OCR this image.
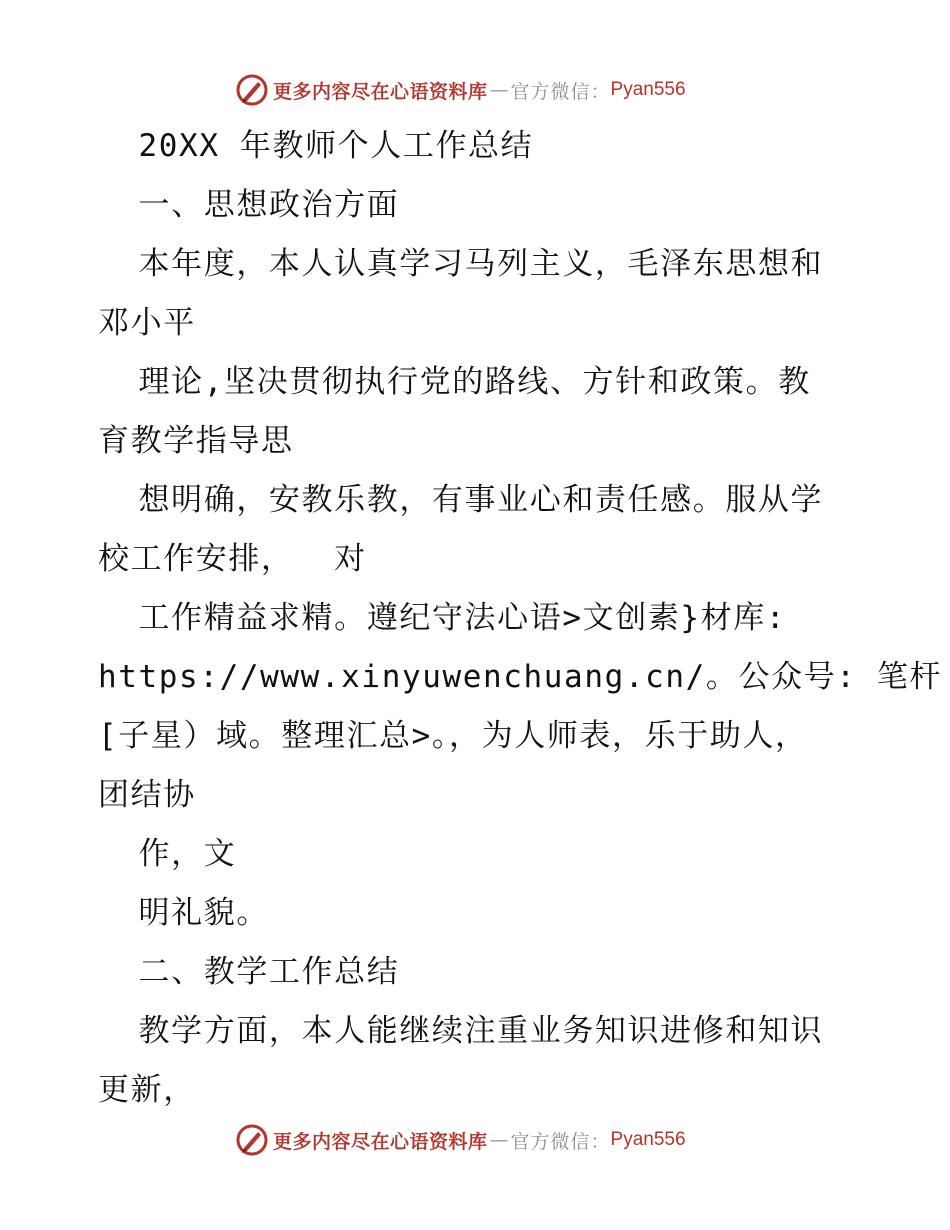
更多内容尽在心语资料库 — 官方微信： Pyan556

20XX 年教师个人工作总结

一、思想政治方面

本年度，本人认真学习马列主义，毛泽东思想和

邓小平

理论,坚决贯彻执行党的路线、方针和政策。教

育教学指导思

想明确，安教乐教，有事业心和责任感。服从学

校工作安排，  对

工作精益求精。遵纪守法心语>文创素}材库:

https://www.xinyuwenchuang.cn/。公众号: 笔杆

[子星）域。整理汇总>。，为人师表，乐于助人，

团结协

作，文

明礼貌。

二、教学工作总结

教学方面，本人能继续注重业务知识进修和知识

更新，

更多内容尽在心语资料库 — 官方微信： Pyan556
